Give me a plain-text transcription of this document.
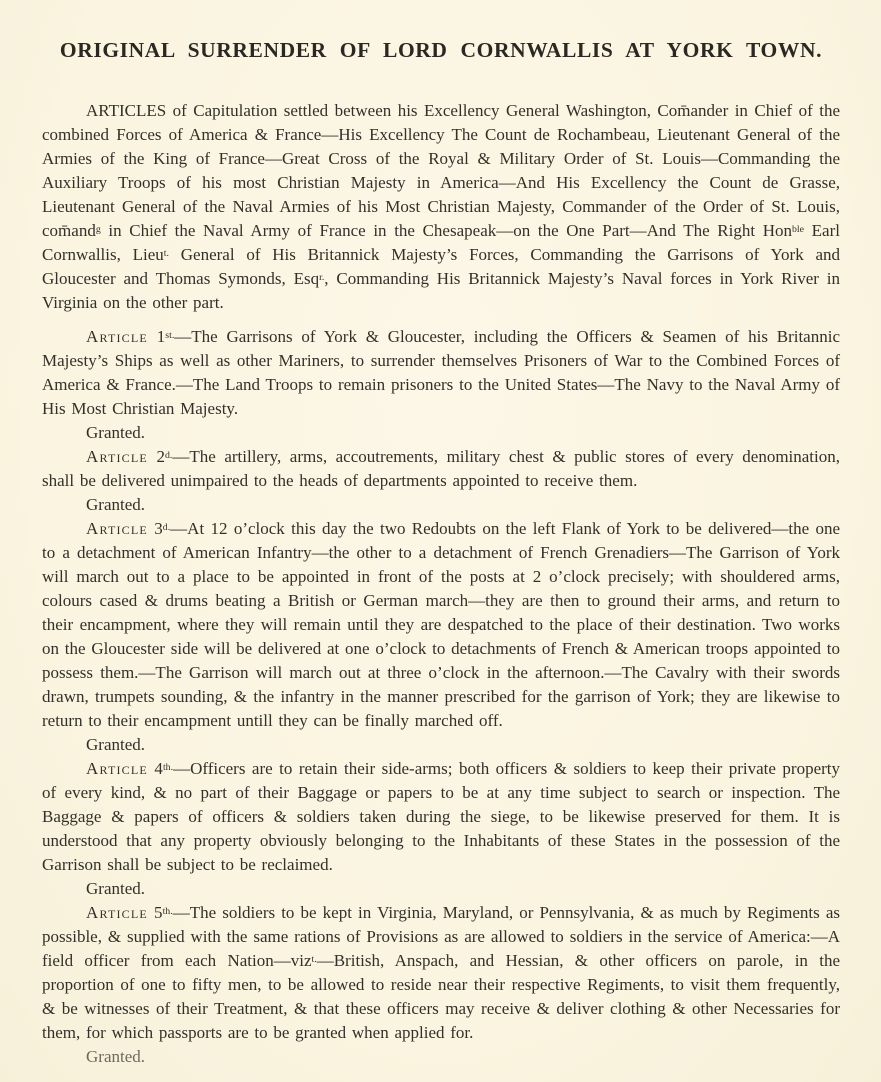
ORIGINAL SURRENDER OF LORD CORNWALLIS AT YORK TOWN.

ARTICLES of Capitulation settled between his Excellency General Washington, Com̄ander in Chief of the combined Forces of America & France—His Excellency The Count de Rochambeau, Lieutenant General of the Armies of the King of France—Great Cross of the Royal & Military Order of St. Louis—Commanding the Auxiliary Troops of his most Christian Majesty in America—And His Excellency the Count de Grasse, Lieutenant General of the Naval Armies of his Most Christian Majesty, Commander of the Order of St. Louis, com̄and$^g$ in Chief the Naval Army of France in the Chesapeak—on the One Part—And The Right Hon$^{ble}$ Earl Cornwallis, Lieu$^{t.}$ General of His Britannick Majesty’s Forces, Commanding the Garrisons of York and Gloucester and Thomas Symonds, Esq$^{r.}$, Commanding His Britannick Majesty’s Naval forces in York River in Virginia on the other part.

Article $1^{st.}—The$ Garrisons of York & Gloucester, including the Officers & Seamen of his Britannic Majesty’s Ships as well as other Mariners, to surrender themselves Prisoners of War to the Combined Forces of America & France.—The Land Troops to remain prisoners to the United States—The Navy to the Naval Army of His Most Christian Majesty.

Granted.

Article $2^{d.}—The$ artillery, arms, accoutrements, military chest & public stores of every denomination, shall be delivered unimpaired to the heads of departments appointed to receive them.

Granted.

Article $3^{d.}—At$ 12 o’clock this day the two Redoubts on the left Flank of York to be delivered—the one to a detachment of American Infantry—the other to a detachment of French Grenadiers—The Garrison of York will march out to a place to be appointed in front of the posts at 2 o’clock precisely; with shouldered arms, colours cased & drums beating a British or German march—they are then to ground their arms, and return to their encampment, where they will remain until they are despatched to the place of their destination. Two works on the Gloucester side will be delivered at one o’clock to detachments of French & American troops appointed to possess them.—The Garrison will march out at three o’clock in the afternoon.—The Cavalry with their swords drawn, trumpets sounding, & the infantry in the manner prescribed for the garrison of York; they are likewise to return to their encampment untill they can be finally marched off.

Granted.

Article $4^{th.}—Officers$ are to retain their side-arms; both officers & soldiers to keep their private property of every kind, & no part of their Baggage or papers to be at any time subject to search or inspection. The Baggage & papers of officers & soldiers taken during the siege, to be likewise preserved for them. It is understood that any property obviously belonging to the Inhabitants of these States in the possession of the Garrison shall be subject to be reclaimed.

Granted.

Article $5^{th.}—The$ soldiers to be kept in Virginia, Maryland, or Pennsylvania, & as much by Regiments as possible, & supplied with the same rations of Provisions as are allowed to soldiers in the service of America:—A field officer from each Nation—viz$^{t.}$—British, Anspach, and Hessian, & other officers on parole, in the proportion of one to fifty men, to be allowed to reside near their respective Regiments, to visit them frequently, & be witnesses of their Treatment, & that these officers may receive & deliver clothing & other Necessaries for them, for which passports are to be granted when applied for.

Granted.
